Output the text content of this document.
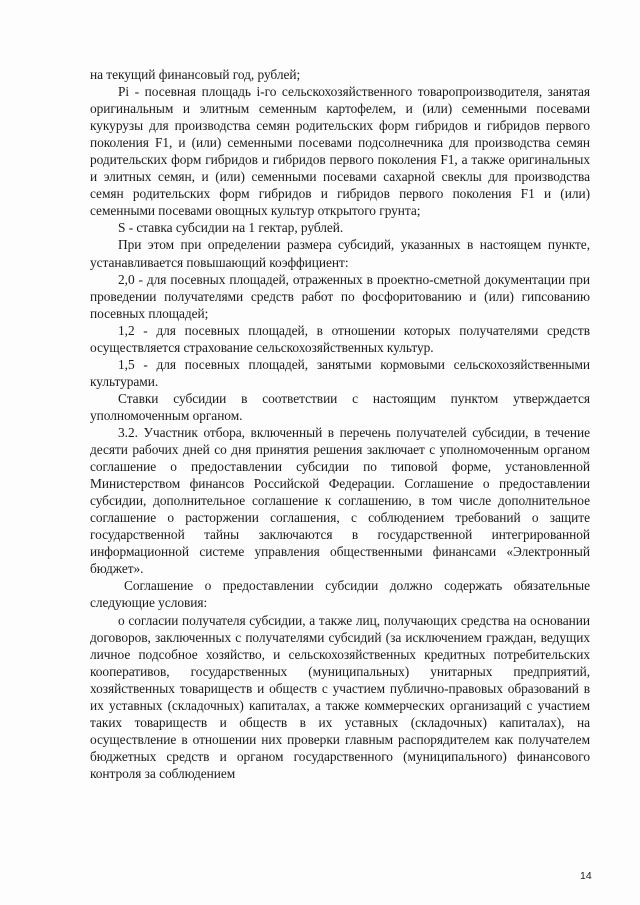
на текущий финансовый год, рублей;

Pi - посевная площадь i-го сельскохозяйственного товаропроизводителя, занятая оригинальным и элитным семенным картофелем, и (или) семенными посевами кукурузы для производства семян родительских форм гибридов и гибридов первого поколения F1, и (или) семенными посевами подсолнечника для производства семян родительских форм гибридов и гибридов первого поколения F1, а также оригинальных и элитных семян, и (или) семенными посевами сахарной свеклы для производства семян родительских форм гибридов и гибридов первого поколения F1 и (или) семенными посевами овощных культур открытого грунта;

S - ставка субсидии на 1 гектар, рублей.

При этом при определении размера субсидий, указанных в настоящем пункте, устанавливается повышающий коэффициент:

2,0 - для посевных площадей, отраженных в проектно-сметной документации при проведении получателями средств работ по фосфоритованию и (или) гипсованию посевных площадей;

1,2 - для посевных площадей, в отношении которых получателями средств осуществляется страхование сельскохозяйственных культур.

1,5 - для посевных площадей, занятыми кормовыми сельскохозяйственными культурами.

Ставки субсидии в соответствии с настоящим пунктом утверждается уполномоченным органом.

3.2. Участник отбора, включенный в перечень получателей субсидии, в течение десяти рабочих дней со дня принятия решения заключает с уполномоченным органом соглашение о предоставлении субсидии по типовой форме, установленной Министерством финансов Российской Федерации. Соглашение о предоставлении субсидии, дополнительное соглашение к соглашению, в том числе дополнительное соглашение о расторжении соглашения, с соблюдением требований о защите государственной тайны заключаются в государственной интегрированной информационной системе управления общественными финансами «Электронный бюджет».

Соглашение о предоставлении субсидии должно содержать обязательные следующие условия:

о согласии получателя субсидии, а также лиц, получающих средства на основании договоров, заключенных с получателями субсидий (за исключением граждан, ведущих личное подсобное хозяйство, и сельскохозяйственных кредитных потребительских кооперативов, государственных (муниципальных) унитарных предприятий, хозяйственных товариществ и обществ с участием публично-правовых образований в их уставных (складочных) капиталах, а также коммерческих организаций с участием таких товариществ и обществ в их уставных (складочных) капиталах), на осуществление в отношении них проверки главным распорядителем как получателем бюджетных средств и органом государственного (муниципального) финансового контроля за соблюдением

14
